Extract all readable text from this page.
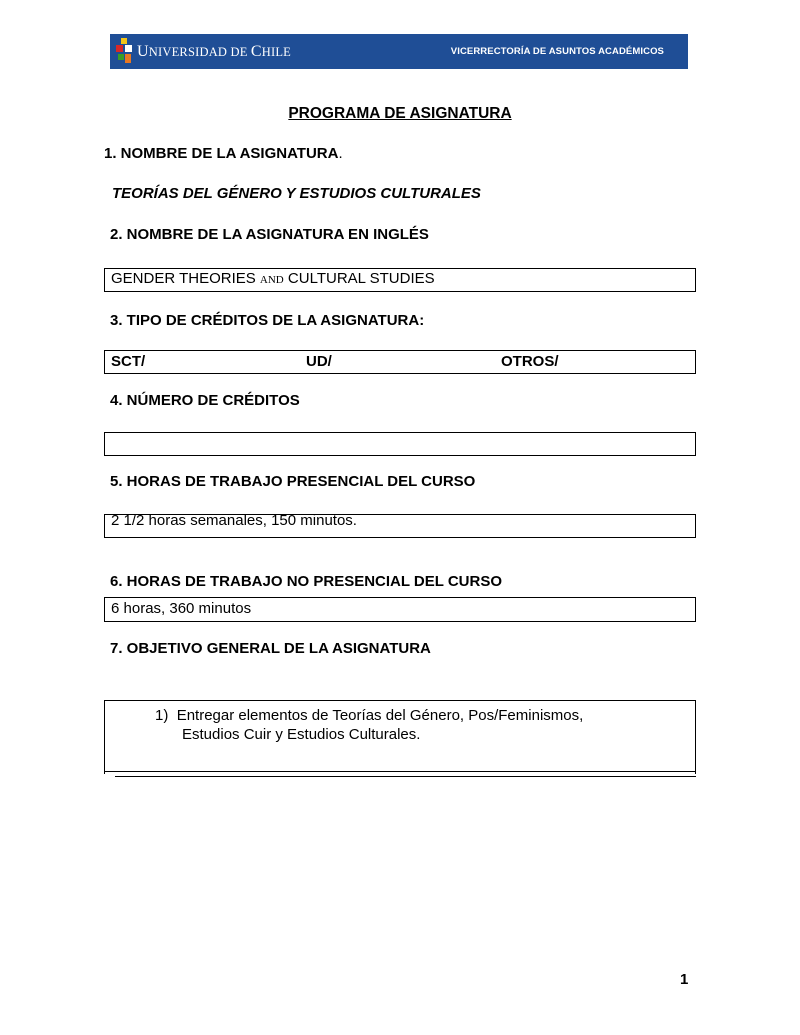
UNIVERSIDAD DE CHILE	VICERRECTORÍA DE ASUNTOS ACADÉMICOS
PROGRAMA DE ASIGNATURA
1. NOMBRE DE LA ASIGNATURA.
TEORÍAS DEL GÉNERO Y ESTUDIOS CULTURALES
2. NOMBRE DE LA ASIGNATURA EN INGLÉS
GENDER THEORIES AND CULTURAL STUDIES
3. TIPO DE CRÉDITOS DE LA ASIGNATURA:
SCT/	UD/	OTROS/
4. NÚMERO DE CRÉDITOS
5. HORAS DE TRABAJO PRESENCIAL DEL CURSO
2 1/2 horas semanales, 150 minutos.
6. HORAS DE TRABAJO NO PRESENCIAL DEL CURSO
6 horas, 360 minutos
7. OBJETIVO GENERAL DE LA ASIGNATURA
1) Entregar elementos de Teorías del Género, Pos/Feminismos,
Estudios Cuir y Estudios Culturales.
1
